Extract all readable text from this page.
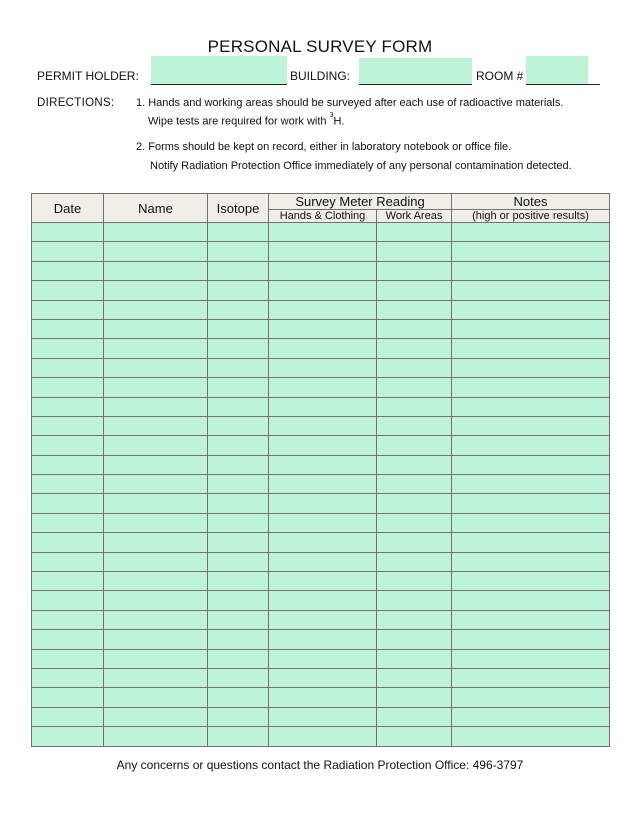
PERSONAL SURVEY FORM
PERMIT HOLDER:	BUILDING:	ROOM #
DIRECTIONS: 1. Hands and working areas should be surveyed after each use of radioactive materials.
Wipe tests are required for work with $^3$H.
2. Forms should be kept on record, either in laboratory notebook or office file.
Notify Radiation Protection Office immediately of any personal contamination detected.
Date	Name	Isotope	Survey Meter Reading		Notes
			Hands & Clothing	Work Areas	(high or positive results)

Any concerns or questions contact the Radiation Protection Office: 496-3797
